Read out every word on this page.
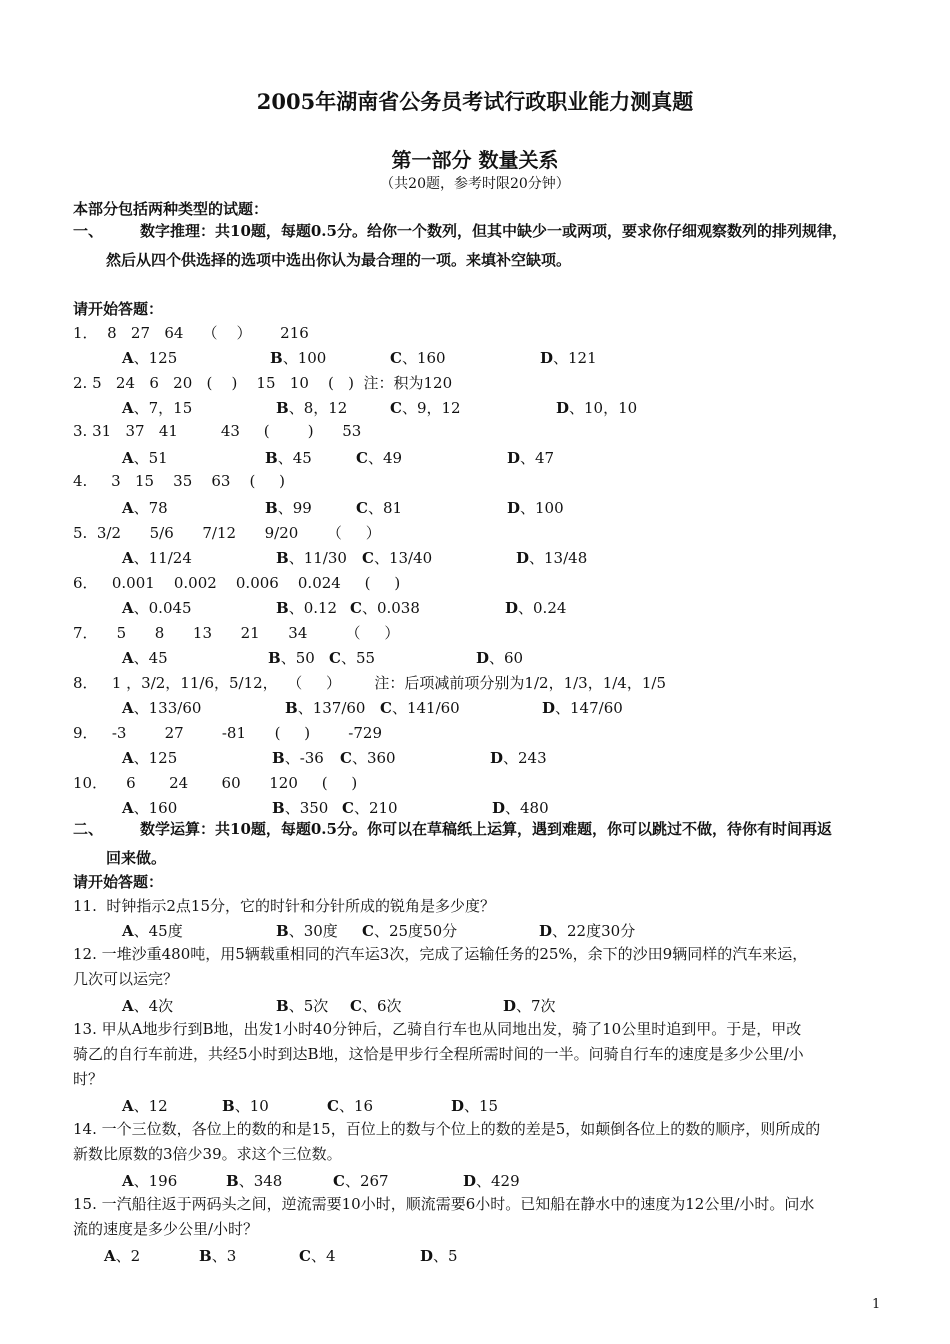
2005年湖南省公务员考试行政职业能力测真题
第一部分 数量关系
（共20题，参考时限20分钟）
本部分包括两种类型的试题：
一、 数字推理：共10题，每题0.5分。给你一个数列，但其中缺少一或两项，要求你仔细观察数列的排列规律，
然后从四个供选择的选项中选出你认为最合理的一项。来填补空缺项。
请开始答题：
1．  8   27   64    （    ）      216
A、125	B、100	C、160	D、121
2. 5   24   6   20   (    )    15   10    (   )  注：积为120
A、7，15	B、8，12	C、9，12	D、10，10
3. 31   37   41         43     (        )      53
A、51	B、45	C、49	D、47
4.     3   15    35    63    (     )
A、78	B、99	C、81	D、100
5.  3/2      5/6      7/12      9/20      （     ）
A、11/24	B、11/30 C、13/40	D、13/48
6．   0.001    0.002    0.006    0.024     (     )
A、0.045	B、0.12 C、0.038	D、0.24
7．    5      8      13      21      34        （     ）
A、45	B、50 C、55	D、60
8．   1 ，3/2，11/6，5/12，  （     ）       注：后项减前项分别为1/2，1/3，1/4，1/5
A、133/60	B、137/60 C、141/60	D、147/60
9．   -3        27        -81      (     )        -729
A、125	B、-36 C、360	D、243
10．    6       24       60      120     (     )
A、160	B、350 C、210	D、480
二、 数学运算：共10题，每题0.5分。你可以在草稿纸上运算，遇到难题，你可以跳过不做，待你有时间再返
回来做。
请开始答题：
11.  时钟指示2点15分，它的时针和分针所成的锐角是多少度？
A、45度	B、30度 C、25度50分	D、22度30分
12. 一堆沙重480吨，用5辆载重相同的汽车运3次，完成了运输任务的25%，余下的沙田9辆同样的汽车来运，
几次可以运完？
A、4次	B、5次 C、6次	D、7次
13. 甲从A地步行到B地，出发1小时40分钟后，乙骑自行车也从同地出发，骑了10公里时追到甲。于是，甲改
骑乙的自行车前进，共经5小时到达B地，这恰是甲步行全程所需时间的一半。问骑自行车的速度是多少公里/小
时？
A、12	B、10	C、16	D、15
14. 一个三位数，各位上的数的和是15，百位上的数与个位上的数的差是5，如颠倒各位上的数的顺序，则所成的
新数比原数的3倍少39。求这个三位数。
A、196	B、348	C、267	D、429
15. 一汽船往返于两码头之间，逆流需要10小时，顺流需要6小时。已知船在静水中的速度为12公里/小时。问水
流的速度是多少公里/小时？
A、2	B、3	C、4	D、5
1
